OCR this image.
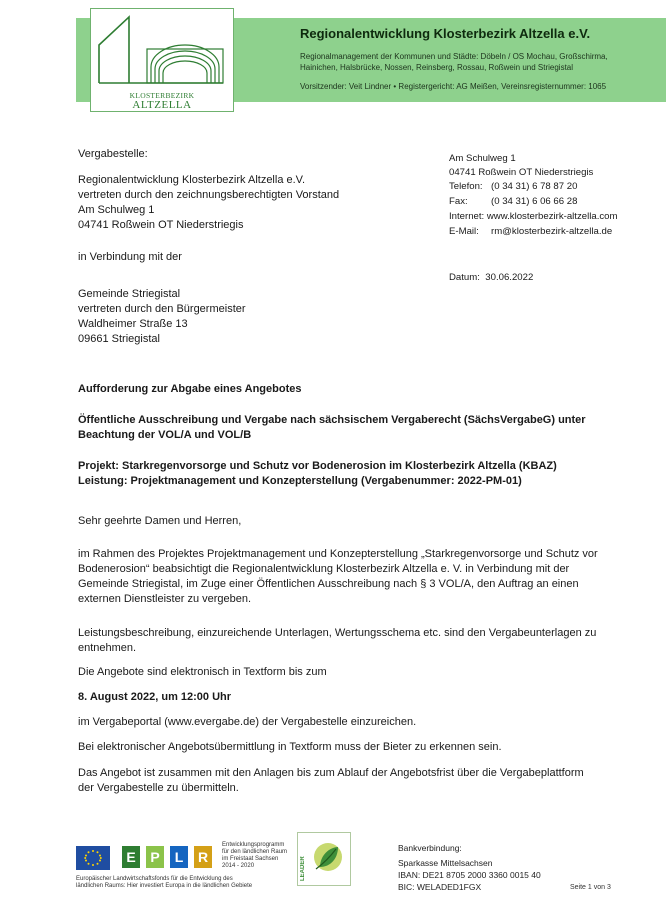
KLOSTERBEZIRK
ALTZELLA
Regionalentwicklung Klosterbezirk Altzella e.V.
Regionalmanagement der Kommunen und Städte: Döbeln / OS Mochau, Großschirma,
Hainichen, Halsbrücke, Nossen, Reinsberg, Rossau, Roßwein und Striegistal
Vorsitzender: Veit Lindner • Registergericht: AG Meißen, Vereinsregisternummer: 1065
Am Schulweg 1
04741 Roßwein OT Niederstriegis
Telefon: (0 34 31) 6 78 87 20
Fax: (0 34 31) 6 06 66 28
Internet: www.klosterbezirk-altzella.com
E-Mail: rm@klosterbezirk-altzella.de
Datum: 30.06.2022
Vergabestelle:
Regionalentwicklung Klosterbezirk Altzella e.V.
vertreten durch den zeichnungsberechtigten Vorstand
Am Schulweg 1
04741 Roßwein OT Niederstriegis
in Verbindung mit der
Gemeinde Striegistal
vertreten durch den Bürgermeister
Waldheimer Straße 13
09661 Striegistal
Aufforderung zur Abgabe eines Angebotes
Öffentliche Ausschreibung und Vergabe nach sächsischem Vergaberecht (SächsVergabeG) unter
Beachtung der VOL/A und VOL/B
Projekt: Starkregenvorsorge und Schutz vor Bodenerosion im Klosterbezirk Altzella (KBAZ)
Leistung: Projektmanagement und Konzepterstellung (Vergabenummer: 2022-PM-01)
Sehr geehrte Damen und Herren,
im Rahmen des Projektes Projektmanagement und Konzepterstellung „Starkregenvorsorge und Schutz vor
Bodenerosion“ beabsichtigt die Regionalentwicklung Klosterbezirk Altzella e. V. in Verbindung mit der
Gemeinde Striegistal, im Zuge einer Öffentlichen Ausschreibung nach § 3 VOL/A, den Auftrag an einen
externen Dienstleister zu vergeben.
Leistungsbeschreibung, einzureichende Unterlagen, Wertungsschema etc. sind den Vergabeunterlagen zu
entnehmen.
Die Angebote sind elektronisch in Textform bis zum
8. August 2022, um 12:00 Uhr
im Vergabeportal (www.evergabe.de) der Vergabestelle einzureichen.
Bei elektronischer Angebotsübermittlung in Textform muss der Bieter zu erkennen sein.
Das Angebot ist zusammen mit den Anlagen bis zum Ablauf der Angebotsfrist über die Vergabeplattform
der Vergabestelle zu übermitteln.
E	P	L	R
Entwicklungsprogramm
für den ländlichen Raum
im Freistaat Sachsen
2014 - 2020
Europäischer Landwirtschaftsfonds für die Entwicklung des
ländlichen Raums: Hier investiert Europa in die ländlichen Gebiete
LEADER
Bankverbindung:
Sparkasse Mittelsachsen
IBAN: DE21 8705 2000 3360 0015 40
BIC: WELADED1FGX	Seite 1 von 3
